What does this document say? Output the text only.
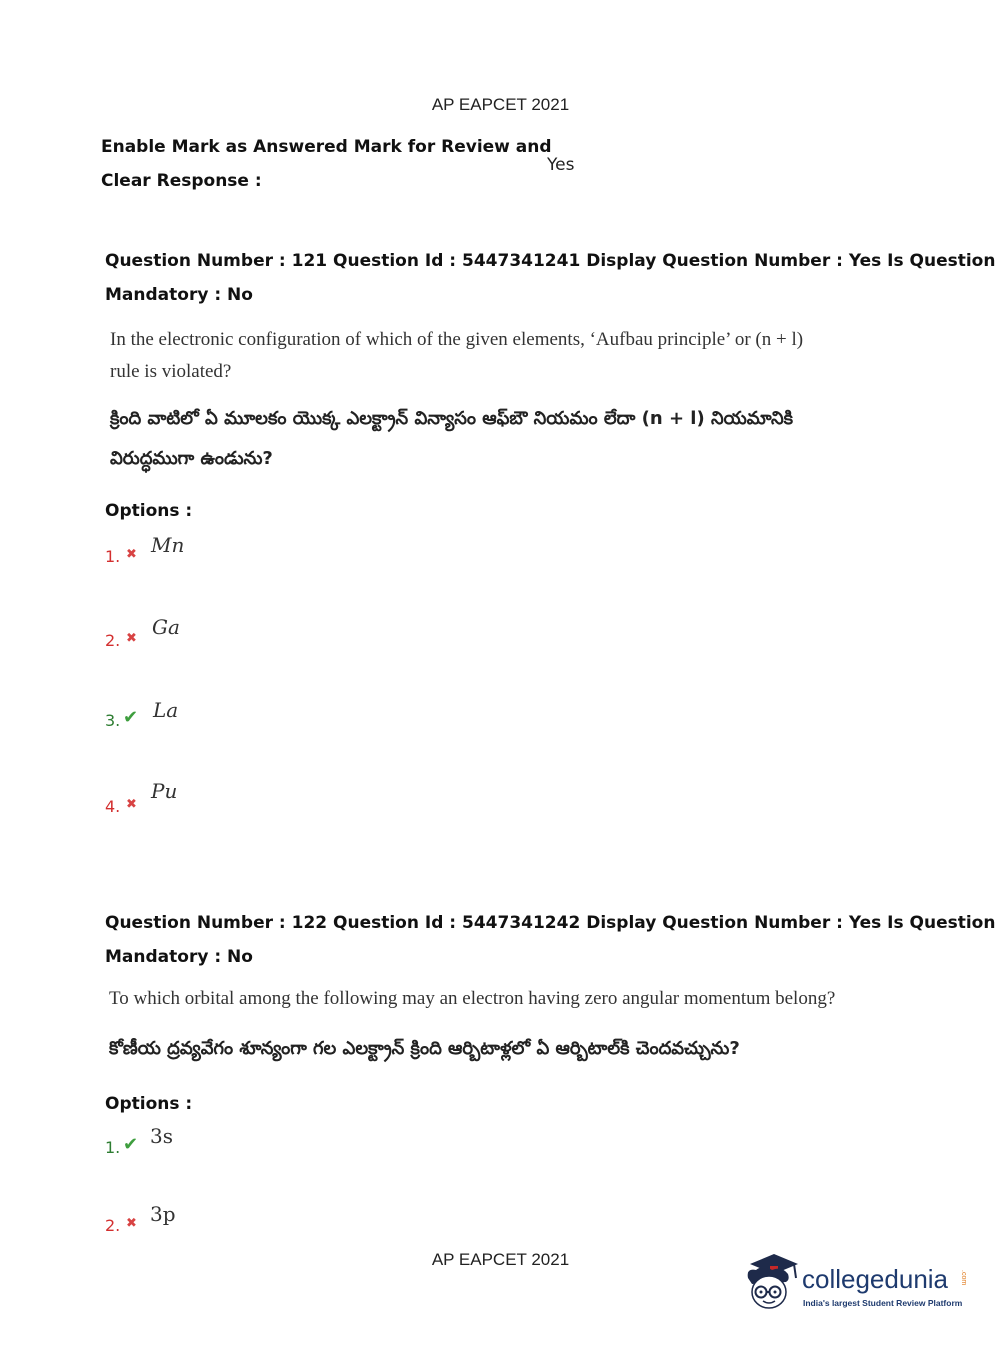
AP EAPCET 2021
Enable Mark as Answered Mark for Review and
Clear Response :
Yes
Question Number : 121 Question Id : 5447341241 Display Question Number : Yes Is Question
Mandatory : No
In the electronic configuration of which of the given elements, ‘Aufbau principle’ or (n + l)
rule is violated?
క్రింది వాటిలో ఏ మూలకం యొక్క ఎలక్ట్రాన్ విన్యాసం ఆఫ్‌బౌ నియమం లేదా (n + l) నియమానికి
విరుద్ధముగా ఉండును?
Options :
1. ✖ Mn
2. ✖ Ga
3. ✔ La
4. ✖
Pu
Question Number : 122 Question Id : 5447341242 Display Question Number : Yes Is Question
Mandatory : No
To which orbital among the following may an electron having zero angular momentum belong?
కోణీయ ద్రవ్యవేగం శూన్యంగా గల ఎలక్ట్రాన్ క్రింది ఆర్బిటాళ్లలో ఏ ఆర్బిటాల్‌కి చెందవచ్చును?
Options :
1. ✔ 3s
2. ✖ 3p
AP EAPCET 2021
collegedunia .com
India's largest Student Review Platform
